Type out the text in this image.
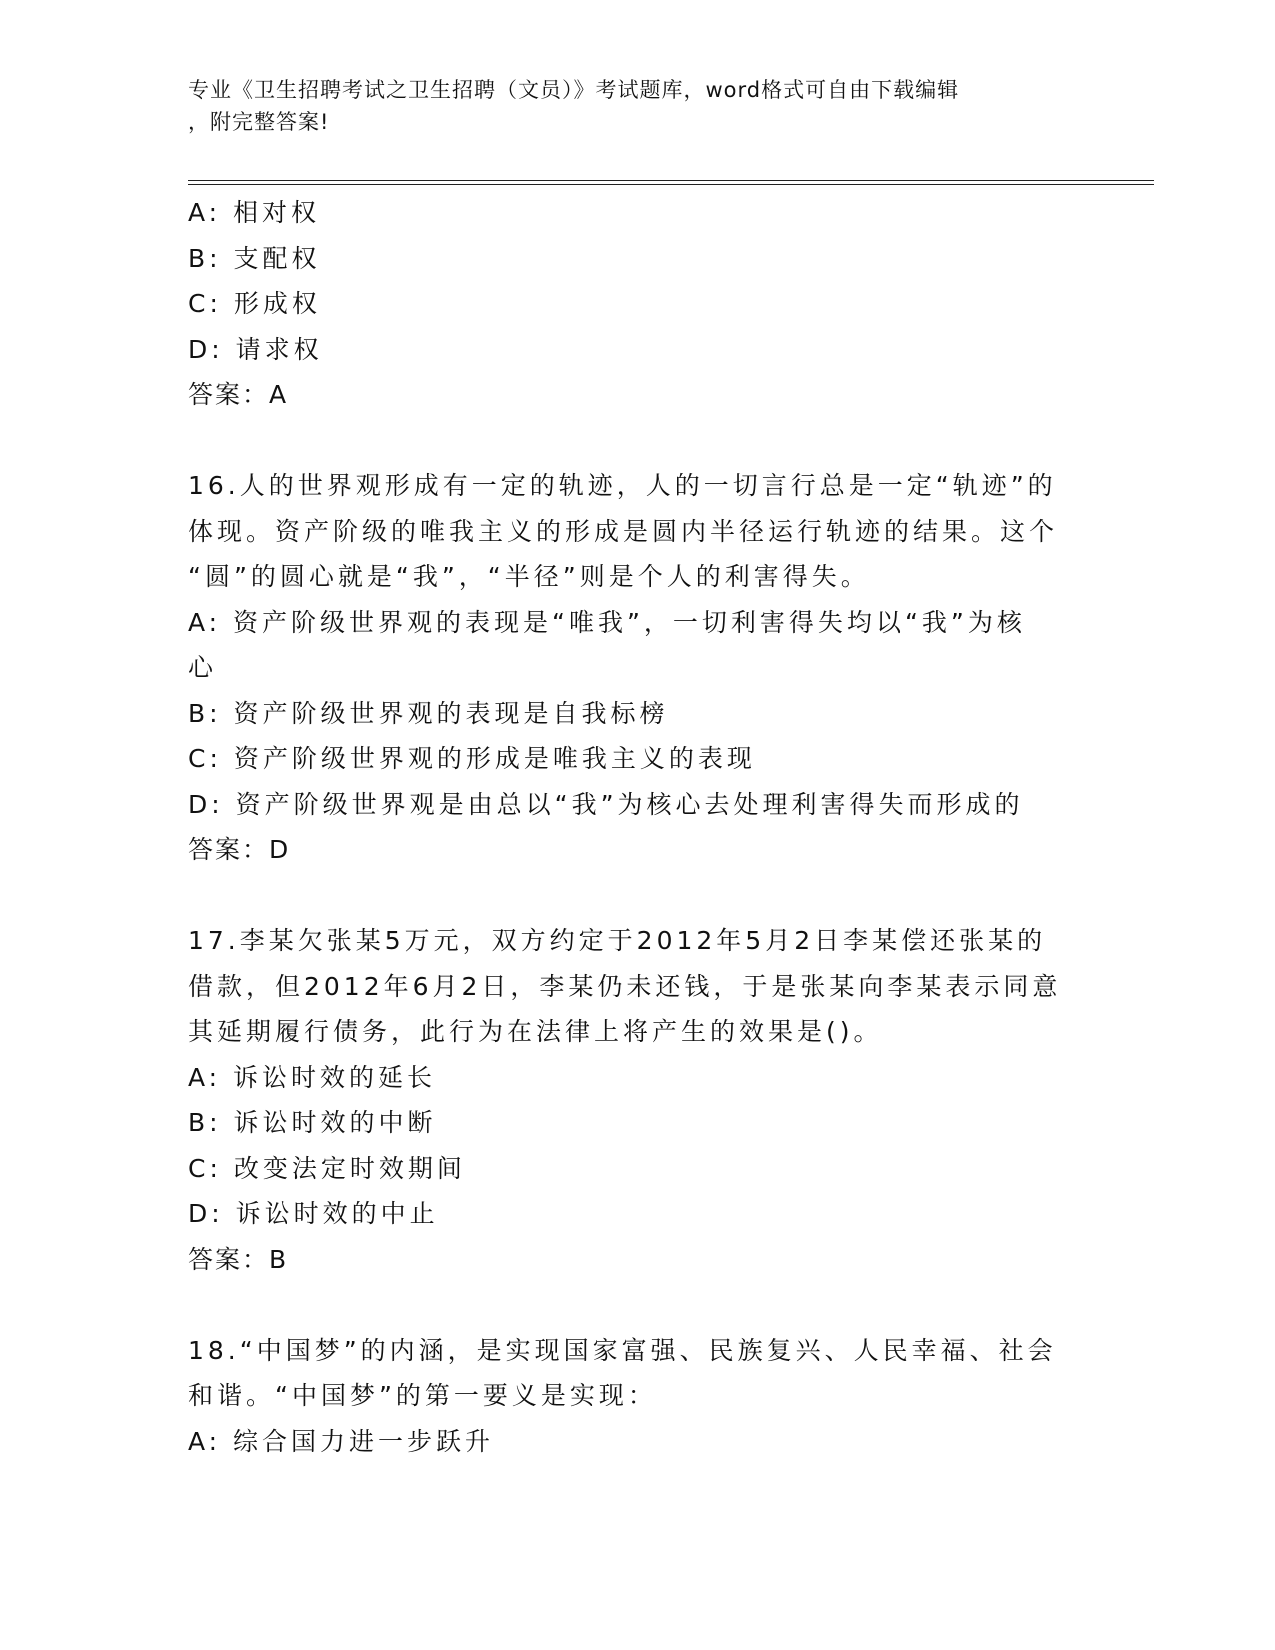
专业《卫生招聘考试之卫生招聘（文员）》考试题库，word格式可自由下载编辑
，附完整答案!
A: 相对权
B: 支配权
C: 形成权
D: 请求权
答案：A
16.人的世界观形成有一定的轨迹，人的一切言行总是一定“轨迹”的
体现。资产阶级的唯我主义的形成是圆内半径运行轨迹的结果。这个
“圆”的圆心就是“我”，“半径”则是个人的利害得失。
A: 资产阶级世界观的表现是“唯我”，一切利害得失均以“我”为核
心
B: 资产阶级世界观的表现是自我标榜
C: 资产阶级世界观的形成是唯我主义的表现
D: 资产阶级世界观是由总以“我”为核心去处理利害得失而形成的
答案：D
17.李某欠张某5万元，双方约定于2012年5月2日李某偿还张某的
借款，但2012年6月2日，李某仍未还钱，于是张某向李某表示同意
其延期履行债务，此行为在法律上将产生的效果是()。
A: 诉讼时效的延长
B: 诉讼时效的中断
C: 改变法定时效期间
D: 诉讼时效的中止
答案：B
18.“中国梦”的内涵，是实现国家富强、民族复兴、人民幸福、社会
和谐。“中国梦”的第一要义是实现：
A: 综合国力进一步跃升
